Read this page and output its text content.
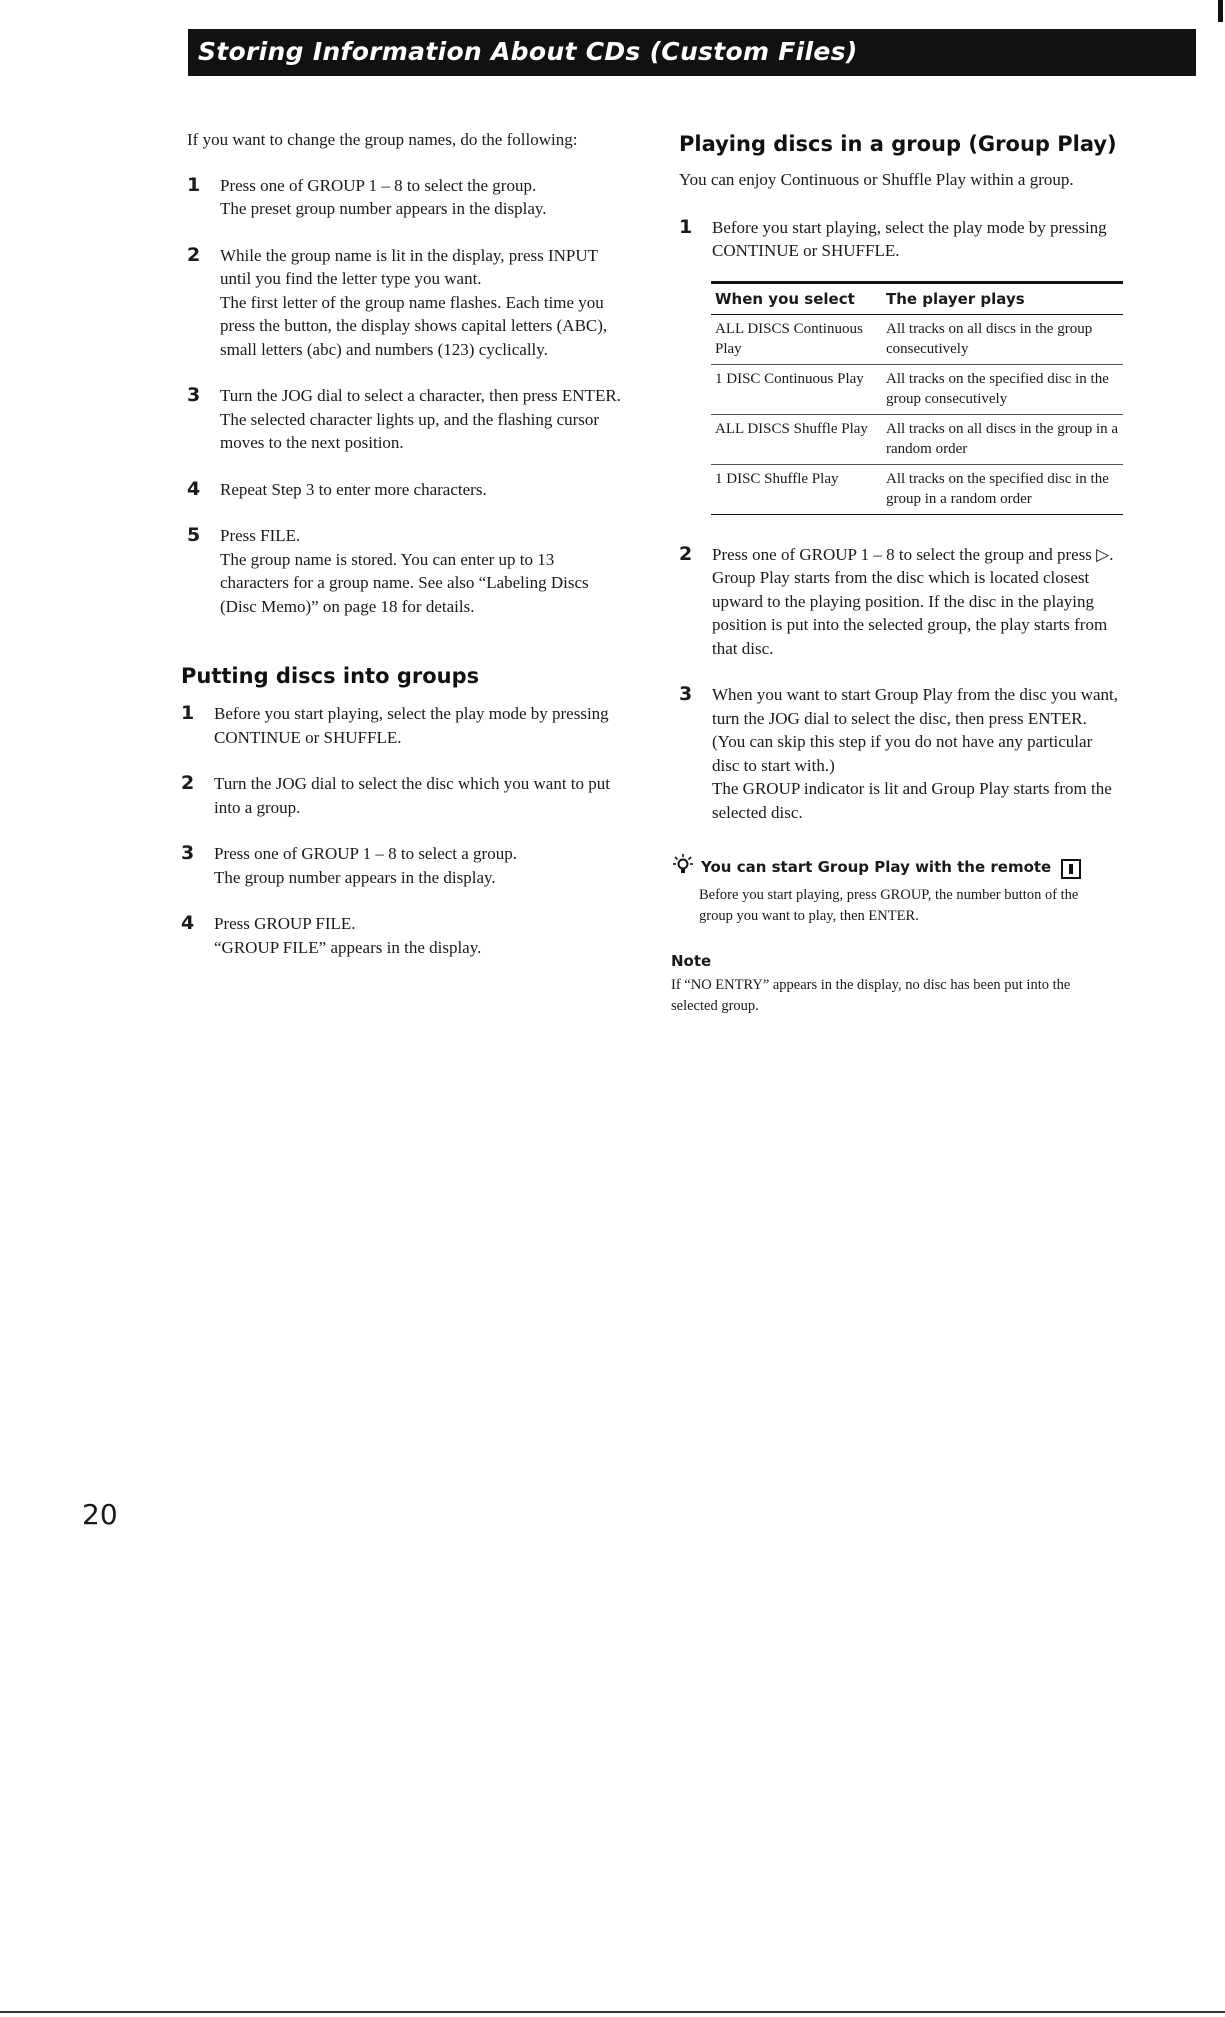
Storing Information About CDs (Custom Files)

If you want to change the group names, do the following:

1 Press one of GROUP 1 – 8 to select the group.

The preset group number appears in the display.

2 While the group name is lit in the display, press INPUT until you find the letter type you want.

The first letter of the group name flashes. Each time you press the button, the display shows capital letters (ABC), small letters (abc) and numbers (123) cyclically.

3 Turn the JOG dial to select a character, then press ENTER.

The selected character lights up, and the flashing cursor moves to the next position.

4 Repeat Step 3 to enter more characters.

5 Press FILE.

The group name is stored. You can enter up to 13 characters for a group name. See also “Labeling Discs (Disc Memo)” on page 18 for details.

Putting discs into groups
1 Before you start playing, select the play mode by pressing CONTINUE or SHUFFLE.

2 Turn the JOG dial to select the disc which you want to put into a group.

3 Press one of GROUP 1 – 8 to select a group.

The group number appears in the display.

4 Press GROUP FILE.

“GROUP FILE” appears in the display.

Playing discs in a group (Group Play)

You can enjoy Continuous or Shuffle Play within a group.

1 Before you start playing, select the play mode by pressing CONTINUE or SHUFFLE.

When you select	The player plays
ALL DISCS Continuous Play	All tracks on all discs in the group consecutively
1 DISC Continuous Play	All tracks on the specified disc in the group consecutively
ALL DISCS Shuffle Play	All tracks on all discs in the group in a random order
1 DISC Shuffle Play	All tracks on the specified disc in the group in a random order
2 Press one of GROUP 1 – 8 to select the group and press ▷.

Group Play starts from the disc which is located closest upward to the playing position. If the disc in the playing position is put into the selected group, the play starts from that disc.

3 When you want to start Group Play from the disc you want, turn the JOG dial to select the disc, then press ENTER. (You can skip this step if you do not have any particular disc to start with.)

The GROUP indicator is lit and Group Play starts from the selected disc.

You can start Group Play with the remote

Before you start playing, press GROUP, the number button of the group you want to play, then ENTER.

Note

If “NO ENTRY” appears in the display, no disc has been put into the selected group.

20
